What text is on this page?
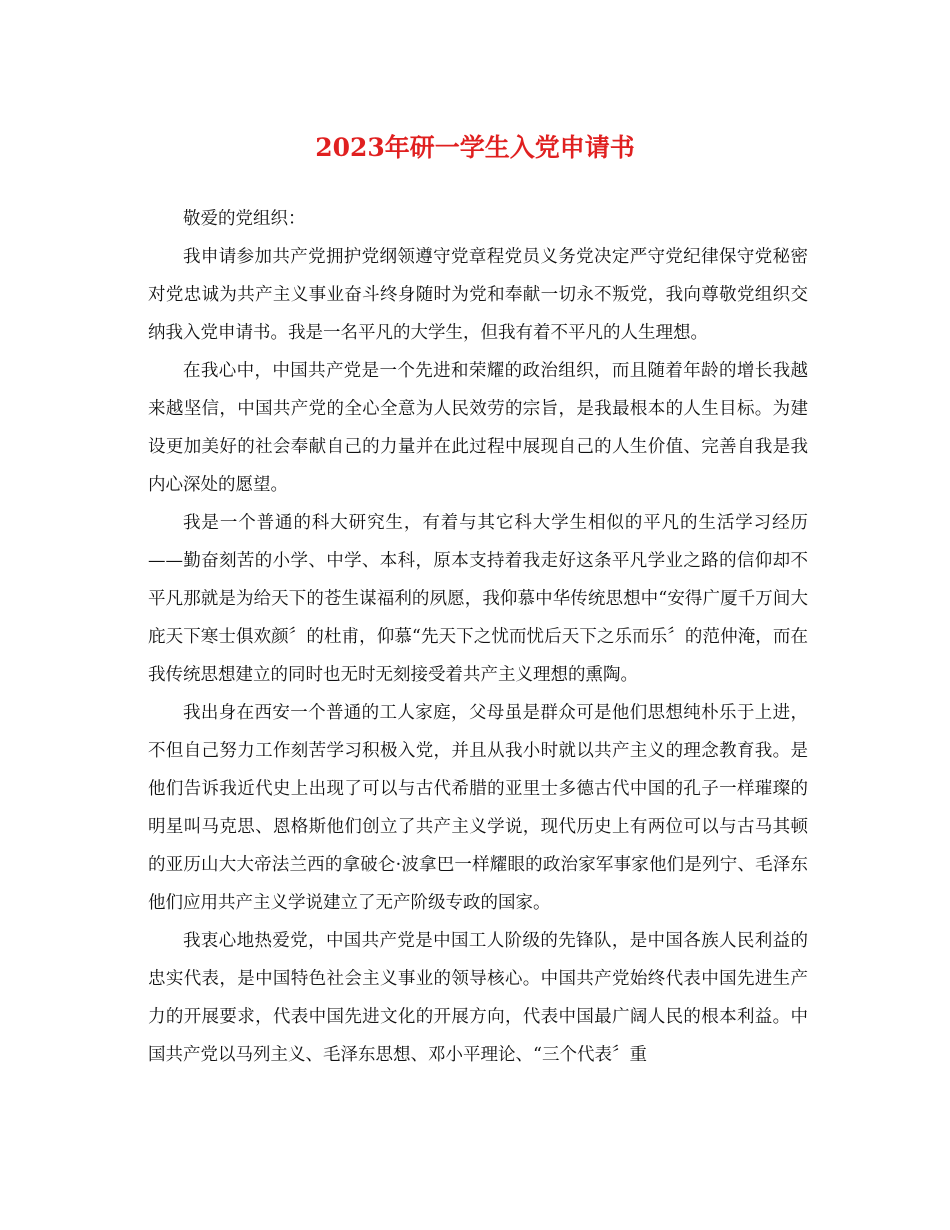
2023年研一学生入党申请书

敬爱的党组织：

我申请参加共产党拥护党纲领遵守党章程党员义务党决定严守党纪律保守党秘密对党忠诚为共产主义事业奋斗终身随时为党和奉献一切永不叛党，我向尊敬党组织交纳我入党申请书。我是一名平凡的大学生，但我有着不平凡的人生理想。

在我心中，中国共产党是一个先进和荣耀的政治组织，而且随着年龄的增长我越来越坚信，中国共产党的全心全意为人民效劳的宗旨，是我最根本的人生目标。为建设更加美好的社会奉献自己的力量并在此过程中展现自己的人生价值、完善自我是我内心深处的愿望。

我是一个普通的科大研究生，有着与其它科大学生相似的平凡的生活学习经历——勤奋刻苦的小学、中学、本科，原本支持着我走好这条平凡学业之路的信仰却不平凡那就是为给天下的苍生谋福利的夙愿，我仰慕中华传统思想中“安得广厦千万间大庇天下寒士俱欢颜〞的杜甫，仰慕“先天下之忧而忧后天下之乐而乐〞的范仲淹，而在我传统思想建立的同时也无时无刻接受着共产主义理想的熏陶。

我出身在西安一个普通的工人家庭，父母虽是群众可是他们思想纯朴乐于上进，不但自己努力工作刻苦学习积极入党，并且从我小时就以共产主义的理念教育我。是他们告诉我近代史上出现了可以与古代希腊的亚里士多德古代中国的孔子一样璀璨的明星叫马克思、恩格斯他们创立了共产主义学说，现代历史上有两位可以与古马其顿的亚历山大大帝法兰西的拿破仑·波拿巴一样耀眼的政治家军事家他们是列宁、毛泽东他们应用共产主义学说建立了无产阶级专政的国家。

我衷心地热爱党，中国共产党是中国工人阶级的先锋队，是中国各族人民利益的忠实代表，是中国特色社会主义事业的领导核心。中国共产党始终代表中国先进生产力的开展要求，代表中国先进文化的开展方向，代表中国最广阔人民的根本利益。中国共产党以马列主义、毛泽东思想、邓小平理论、“三个代表〞重
